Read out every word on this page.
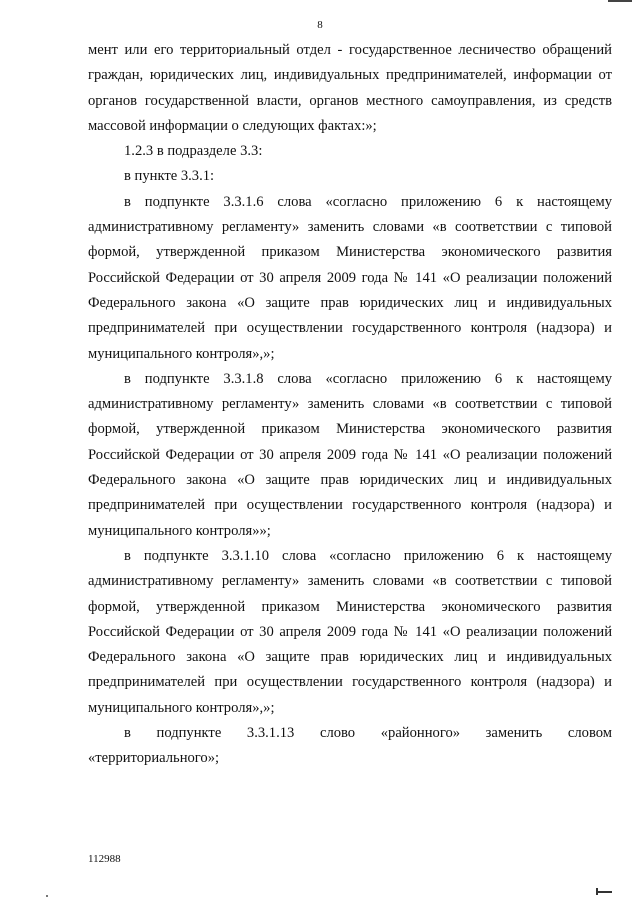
8

мент или его территориальный отдел - государственное лесничество обращений граждан, юридических лиц, индивидуальных предпринимателей, информации от органов государственной власти, органов местного самоуправления, из средств массовой информации о следующих фактах:»;

1.2.3 в подразделе 3.3:

в пункте 3.3.1:

в подпункте 3.3.1.6 слова «согласно приложению 6 к настоящему административному регламенту» заменить словами «в соответствии с типовой формой, утвержденной приказом Министерства экономического развития Российской Федерации от 30 апреля 2009 года № 141 «О реализации положений Федерального закона «О защите прав юридических лиц и индивидуальных предпринимателей при осуществлении государственного контроля (надзора) и муниципального контроля»,»;

в подпункте 3.3.1.8 слова «согласно приложению 6 к настоящему административному регламенту» заменить словами «в соответствии с типовой формой, утвержденной приказом Министерства экономического развития Российской Федерации от 30 апреля 2009 года № 141 «О реализации положений Федерального закона «О защите прав юридических лиц и индивидуальных предпринимателей при осуществлении государственного контроля (надзора) и муниципального контроля»»;

в подпункте 3.3.1.10 слова «согласно приложению 6 к настоящему административному регламенту» заменить словами «в соответствии с типовой формой, утвержденной приказом Министерства экономического развития Российской Федерации от 30 апреля 2009 года № 141 «О реализации положений Федерального закона «О защите прав юридических лиц и индивидуальных предпринимателей при осуществлении государственного контроля (надзора) и муниципального контроля»,»;

в подпункте 3.3.1.13 слово «районного» заменить словом

«территориального»;

112988
